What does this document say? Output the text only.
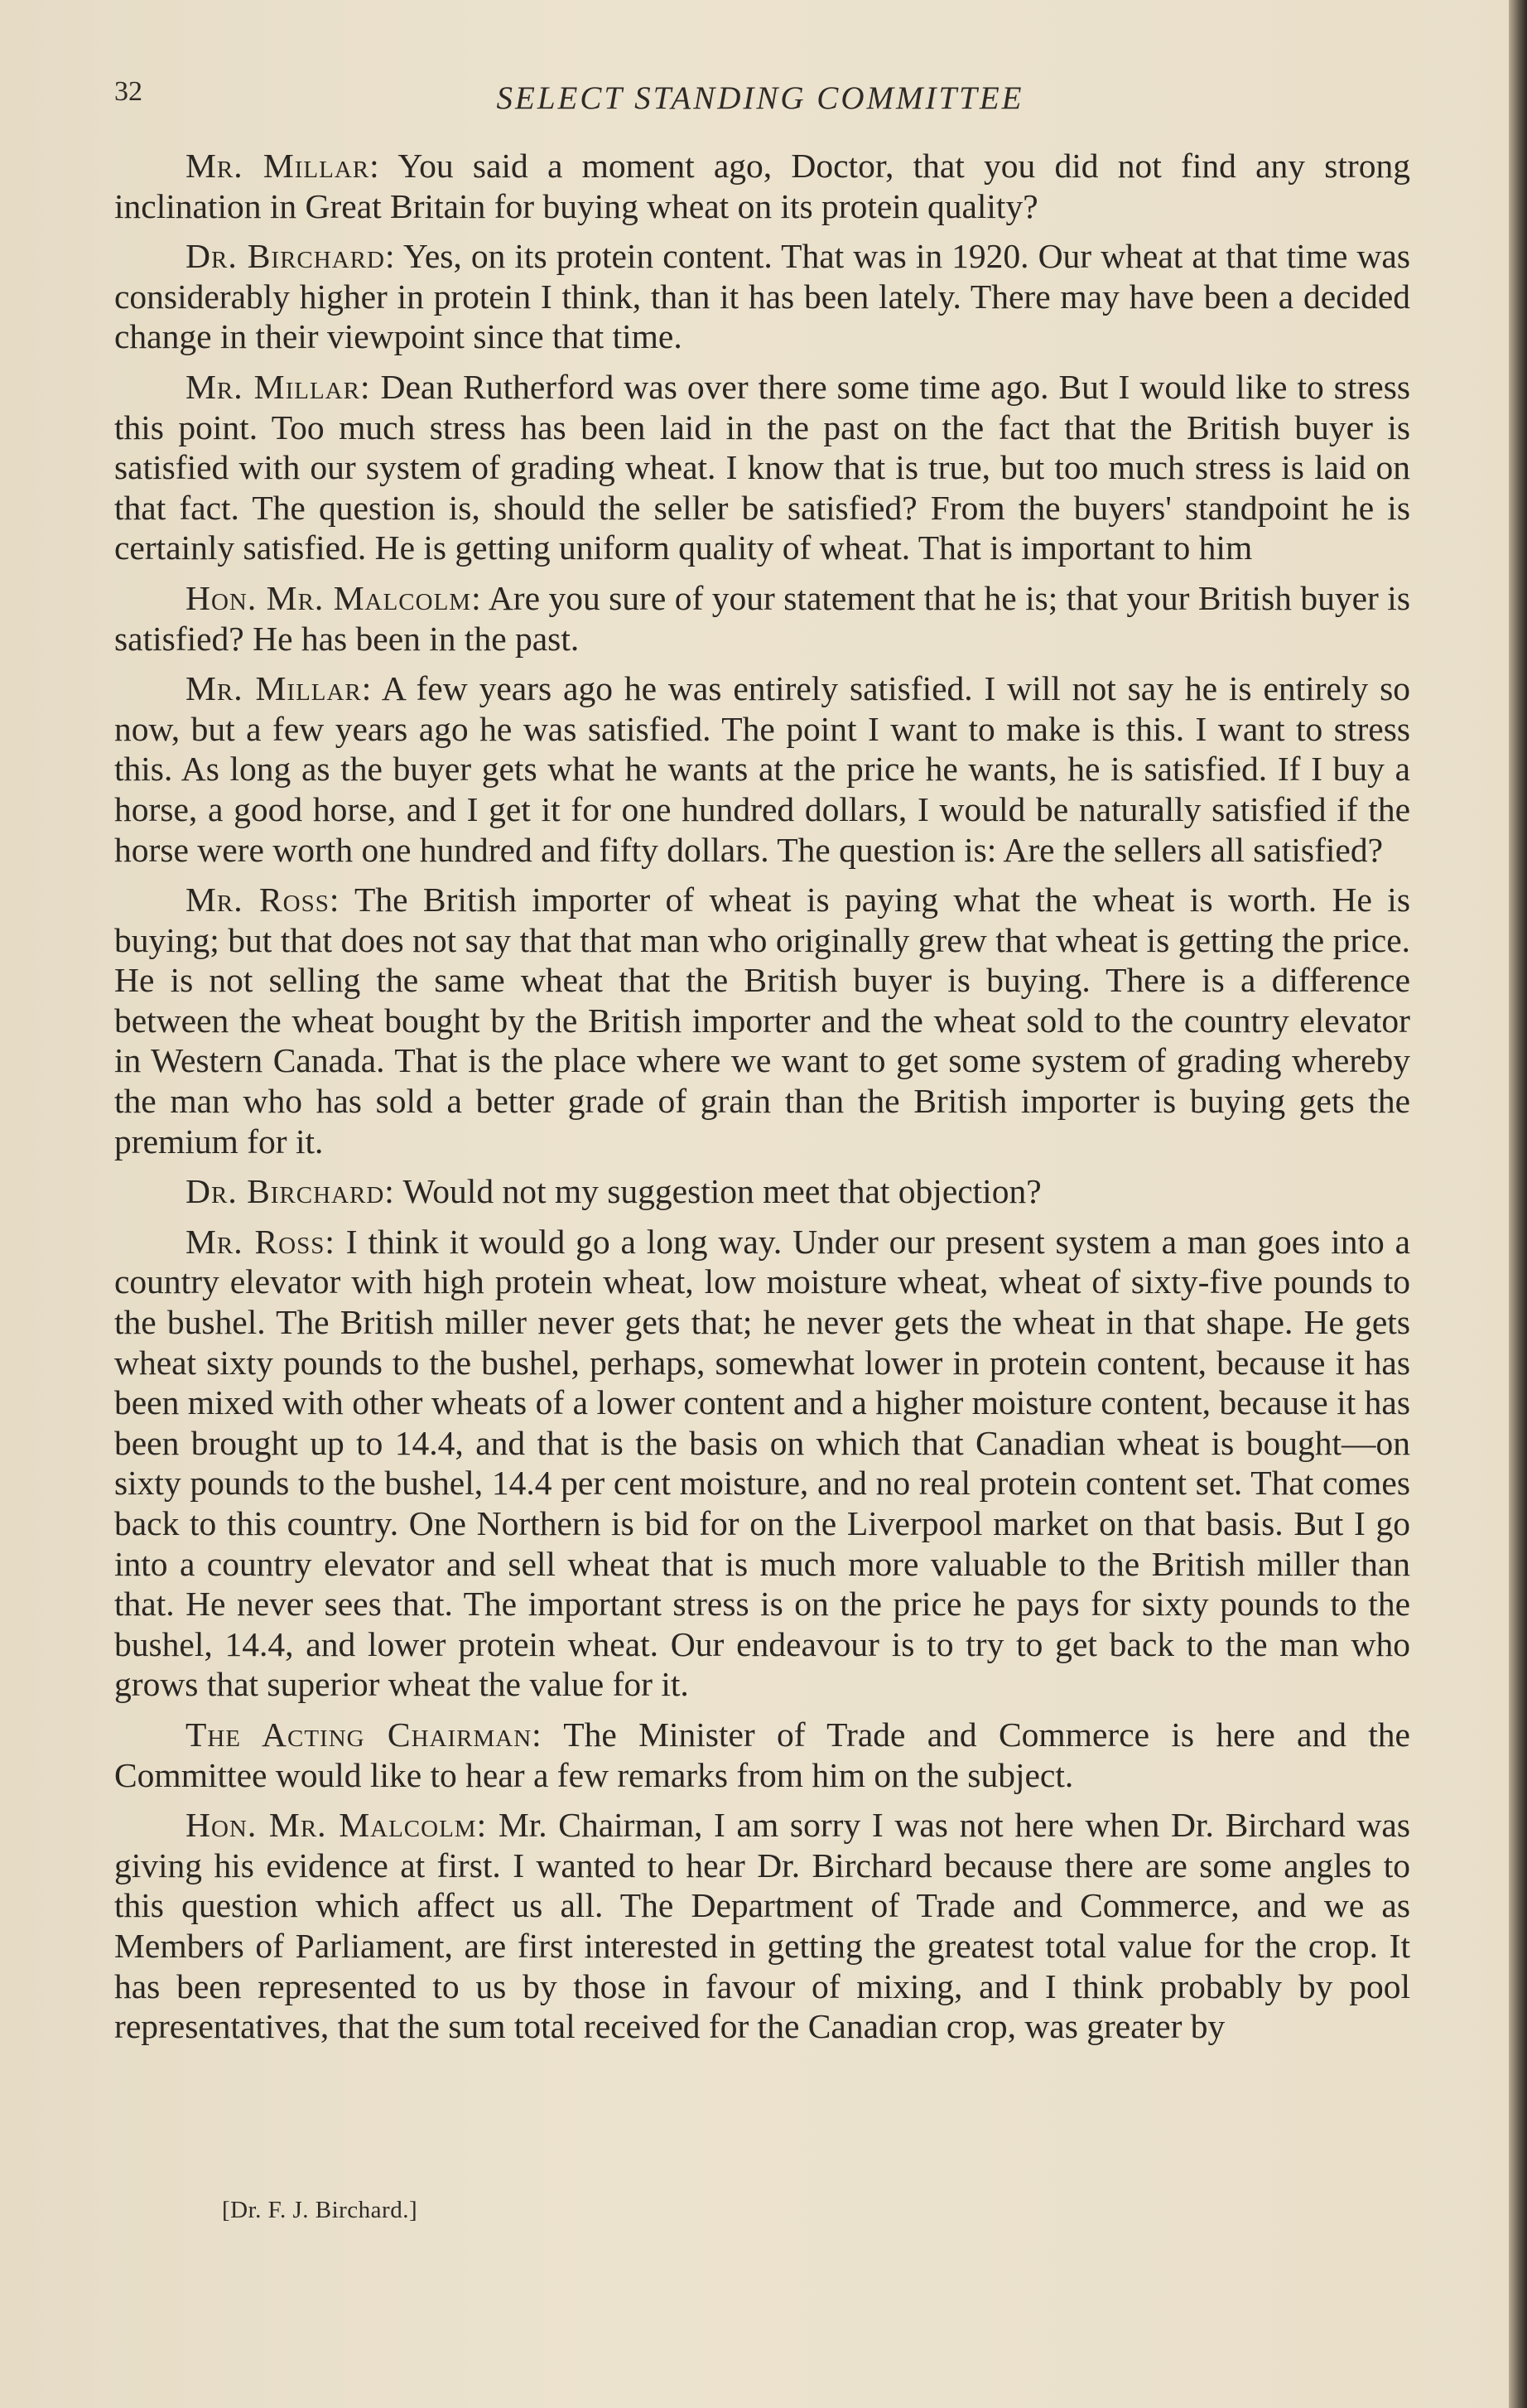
32	SELECT STANDING COMMITTEE

Mr. Millar: You said a moment ago, Doctor, that you did not find any strong inclination in Great Britain for buying wheat on its protein quality?

Dr. Birchard: Yes, on its protein content. That was in 1920. Our wheat at that time was considerably higher in protein I think, than it has been lately. There may have been a decided change in their viewpoint since that time.

Mr. Millar: Dean Rutherford was over there some time ago. But I would like to stress this point. Too much stress has been laid in the past on the fact that the British buyer is satisfied with our system of grading wheat. I know that is true, but too much stress is laid on that fact. The question is, should the seller be satisfied? From the buyers' standpoint he is certainly satisfied. He is getting uniform quality of wheat. That is important to him

Hon. Mr. Malcolm: Are you sure of your statement that he is; that your British buyer is satisfied? He has been in the past.

Mr. Millar: A few years ago he was entirely satisfied. I will not say he is entirely so now, but a few years ago he was satisfied. The point I want to make is this. I want to stress this. As long as the buyer gets what he wants at the price he wants, he is satisfied. If I buy a horse, a good horse, and I get it for one hundred dollars, I would be naturally satisfied if the horse were worth one hundred and fifty dollars. The question is: Are the sellers all satisfied?

Mr. Ross: The British importer of wheat is paying what the wheat is worth. He is buying; but that does not say that that man who originally grew that wheat is getting the price. He is not selling the same wheat that the British buyer is buying. There is a difference between the wheat bought by the British importer and the wheat sold to the country elevator in Western Canada. That is the place where we want to get some system of grading whereby the man who has sold a better grade of grain than the British importer is buying gets the premium for it.

Dr. Birchard: Would not my suggestion meet that objection?

Mr. Ross: I think it would go a long way. Under our present system a man goes into a country elevator with high protein wheat, low moisture wheat, wheat of sixty-five pounds to the bushel. The British miller never gets that; he never gets the wheat in that shape. He gets wheat sixty pounds to the bushel, perhaps, somewhat lower in protein content, because it has been mixed with other wheats of a lower content and a higher moisture content, because it has been brought up to 14.4, and that is the basis on which that Canadian wheat is bought—on sixty pounds to the bushel, 14.4 per cent moisture, and no real protein content set. That comes back to this country. One Northern is bid for on the Liverpool market on that basis. But I go into a country elevator and sell wheat that is much more valuable to the British miller than that. He never sees that. The important stress is on the price he pays for sixty pounds to the bushel, 14.4, and lower protein wheat. Our endeavour is to try to get back to the man who grows that superior wheat the value for it.

The Acting Chairman: The Minister of Trade and Commerce is here and the Committee would like to hear a few remarks from him on the subject.

Hon. Mr. Malcolm: Mr. Chairman, I am sorry I was not here when Dr. Birchard was giving his evidence at first. I wanted to hear Dr. Birchard because there are some angles to this question which affect us all. The Department of Trade and Commerce, and we as Members of Parliament, are first interested in getting the greatest total value for the crop. It has been represented to us by those in favour of mixing, and I think probably by pool representatives, that the sum total received for the Canadian crop, was greater by

[Dr. F. J. Birchard.]
